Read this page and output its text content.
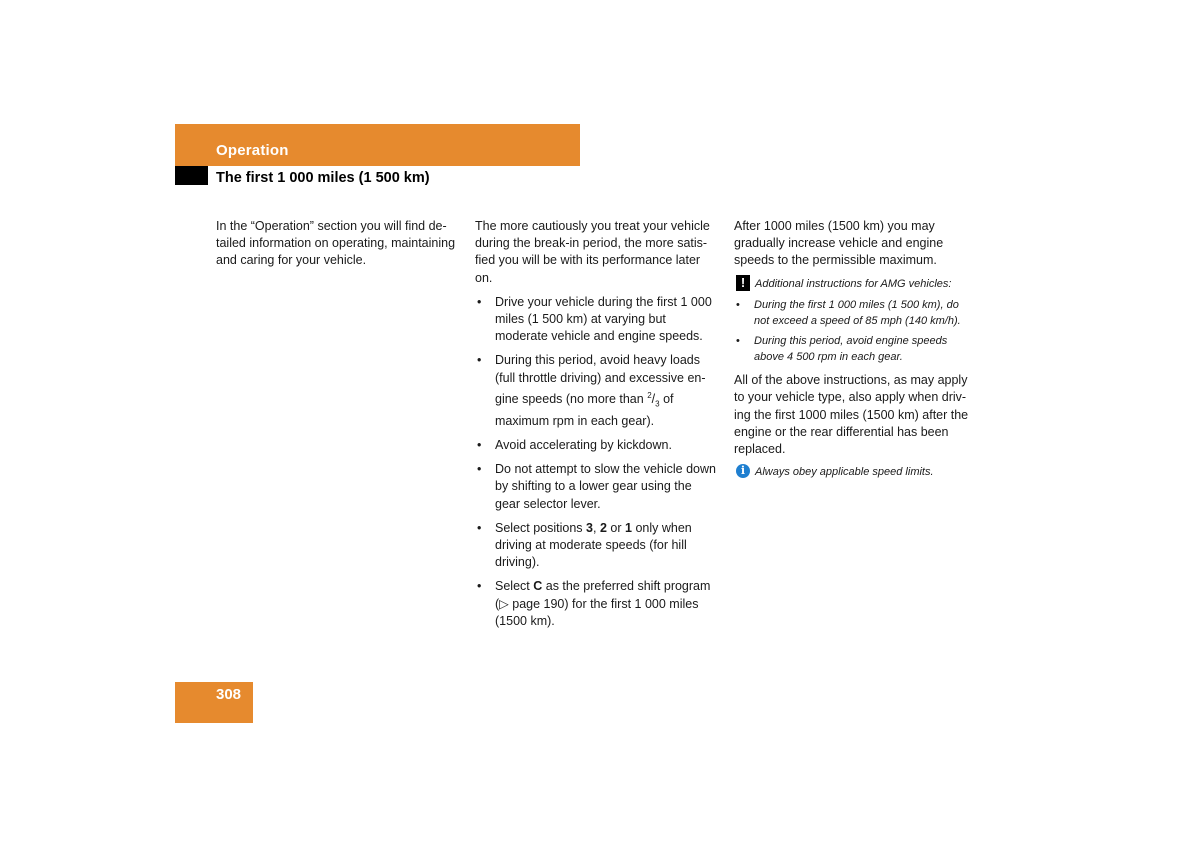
Operation
The first 1 000 miles (1 500 km)

In the “Operation” section you will find detailed information on operating, maintaining and caring for your vehicle.

The more cautiously you treat your vehicle during the break-in period, the more satisfied you will be with its performance later on.

• Drive your vehicle during the first 1 000 miles (1 500 km) at varying but moderate vehicle and engine speeds.
• During this period, avoid heavy loads (full throttle driving) and excessive engine speeds (no more than $^2/_3$ of maximum rpm in each gear).
• Avoid accelerating by kickdown.
• Do not attempt to slow the vehicle down by shifting to a lower gear using the gear selector lever.
• Select positions 3, 2 or 1 only when driving at moderate speeds (for hill driving).
• Select C as the preferred shift program (▷ page 190) for the first 1 000 miles (1500 km).

After 1000 miles (1500 km) you may gradually increase vehicle and engine speeds to the permissible maximum.

! Additional instructions for AMG vehicles:
• During the first 1 000 miles (1 500 km), do not exceed a speed of 85 mph (140 km/h).
• During this period, avoid engine speeds above 4 500 rpm in each gear.

All of the above instructions, as may apply to your vehicle type, also apply when driving the first 1000 miles (1500 km) after the engine or the rear differential has been replaced.

i Always obey applicable speed limits.
308
